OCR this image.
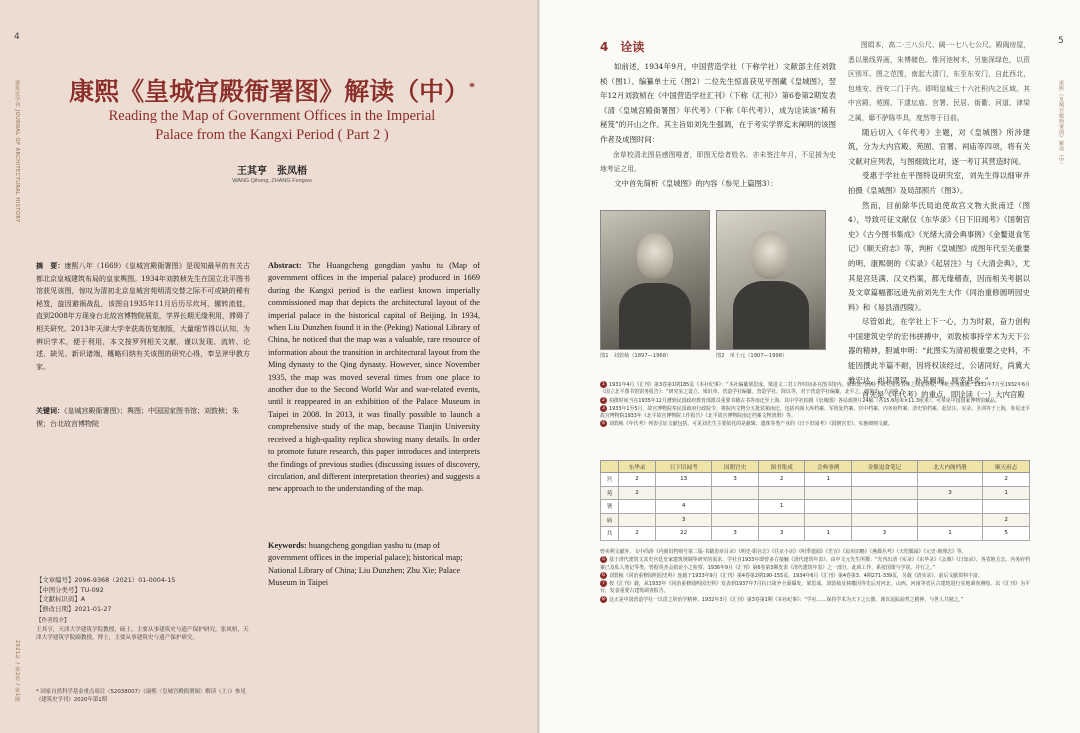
4
建筑史学刊 JOURNAL OF ARCHITECTURAL HISTORY
2021年 / 第2卷 / 第1期
康熙《皇城宫殿衙署图》解读（中）*
Reading the Map of Government Offices in the Imperial
Palace from the Kangxi Period ( Part 2 )
王其亨　张凤梧
WANG Qiheng, ZHANG Fengwu
摘　要：康熙八年（1669）《皇城宫殿衙署图》是现知最早的有关古都北京皇城建筑布局的皇家舆图。1934年刘敦桢先生在国立北平图书馆获见该图，惊叹为清初北京皇城宫苑明清交替之际不可或缺的稀有秘笈，旋因避祸战乱，该图自1935年11月后历尽坎坷，辗转流徙，直到2008年方现身台北故宫博物院展览，学界长期无缘利用，滞碍了相关研究。2013年天津大学幸获高仿复制版，大量细节得以认知，为辨识学术，便于利用，本文按罗列相关文献，谨以发现、流转、论述、缺见、新识诸端，概略归纳有关该图的研究心得，奉呈斧甲教方家。
关键词：《皇城宫殿衙署图》；舆图；中国国家图书馆；刘敦桢；朱偰；台北故宫博物院
Abstract: The Huangcheng gongdian yashu tu (Map of government offices in the imperial palace) produced in 1669 during the Kangxi period is the earliest known imperially commissioned map that depicts the architectural layout of the imperial palace in the historical capital of Beijing. In 1934, when Liu Dunzhen found it in the (Peking) National Library of China, he noticed that the map was a valuable, rare resource of information about the transition in architectural layout from the Ming dynasty to the Qing dynasty. However, since November 1935, the map was moved several times from one place to another due to the Second World War and war-related events, until it reappeared in an exhibition of the Palace Museum in Taipei in 2008. In 2013, it was finally possible to launch a comprehensive study of the map, because Tianjin University received a high-quality replica showing many details. In order to promote future research, this paper introduces and interprets the findings of previous studies (discussing issues of discovery, circulation, and different interpretation theories) and suggests a new approach to the understanding of the map.
Keywords: huangcheng gongdian yashu tu (map of government offices in the imperial palace); historical map; National Library of China; Liu Dunzhen; Zhu Xie; Palace Museum in Taipei

【文章编号】2096-9368（2021）01-0004-15

【中图分类号】TU-092

【文献标识码】A

【修改日期】2021-01-27

【作者简介】
王其亨，天津大学建筑学院教授，硕士，主要从事建筑史与遗产保护研究。张凤梧，天津大学建筑学院副教授，博士，主要从事建筑史与遗产保护研究。
* 国家自然科学基金重点项目（52038007）《康熙〈皇城宫殿衙署图〉解读（上）》参见《建筑史学刊》2020年第1期
5
康熙《皇城宫殿衙署图》解读（中）
4　诠读

如前述，1934年9月，中国营造学社（下称学社）文献部主任刘敦桢（图1）、编纂单士元（图2）二位先生惊喜获见平图藏《皇城图》，翌年12月刘敦桢在《中国营造学社汇刊》（下称《汇刊》）第6卷第2期发表《清〈皇城宫殿衙署图〉年代考》（下称《年代考》），成为诠读该“稀有秘笈”的开山之作。其主旨如刘先生强调，在于考实学界迄未阐明的该图作者及成图时间：

余草校清北图县感图唯者，即图无绘者姓名、亦未签注年月，不足援为史地考证之用。

文中首先简析《皇城图》的内容（参见上篇图3）：

图绢本，高二·三八公尺、阔一·七八七公尺。殿阁房屋，悉以墨线界画，朱傅赭色。惟河池树木，另施深绿色，以资区别耳。图之范围，南起大清门，东至东安门，自此西北，包地安、西安二门于内。即明皇城三十六社积内之区域。其中宫殿、苑囿、下逮坛庙、官署、民居、街衢、河道、津梁之属，靡不胪陈毕具，度然等于目前。

随后切入《年代考》主题，对《皇城图》所涉建筑，分为大内宫殿、苑囿、官署、祠庙等四项，将有关文献对应列表，与图细致比对，逐一考订其营造时间。

受惠于学社在平图特设研究室，刘先生得以细审并拍摄《皇城图》及局部照片（图3）。

然而，目前除华氏局迫使故宫文物大批南迁（图4），导致可征文献仅《东华录》《日下旧闻考》《国朝宫史》《古今图书集成》《光绪大清会典事例》《金鳌退食笔记》《顺天府志》等，判析《皇城图》成图年代至关重要的明、康熙朝的《实录》《起居注》与《大清会典》，尤其是宫廷满、汉文档案，都无缘稽查，因而相关考据以及文章篇幅都远逊先前刘先生大作《同治重修圆明园史料》和《易县清西陵》。

尽管如此，在学社上下一心，力为时艰，奋力创构中国建筑史学的宏伟拼搏中，刘敦桢事持学术为天下公器的精神，胆诚申明：“此图实为清初极重要之史料，不能因撰此半篇不耐，因将权读经过，公诸同好，尚冀大雅宏达，纠其谬误，补其阙漏，则幸甚矣。”

首先是《年代考》的重点，即诠读（一）大内宫殿

图1　刘敦桢（1897—1968）	图2　单士元（1907—1998）

1 1931年4月《汇刊》第3卷第1期185页《本社纪事》：“本社编纂梁思成、梁进文二君工作时间多在图书馆内。梁识其当局特予研究室及书库之阅览特权，本社至为感激。”1931年7月至1932年6月《国立北平图书馆馆务报告》：“研究室之设立，梁识单，营造学社编纂，营造学社，简以等，对于营造学社编纂，北平之，建筑史，方志等。”

2 拍摄时间当在1935年12月遭到民国政府教育部派员重要书籍古书等南迁至上海，其中学社拍摄《皇城图》各局部照片24幅（各15.6厘米×11.3厘米），可参见中国国家博物馆藏品。

3 1933年1至5月，故宫博物院奉民国政府行政院令，将院内文物分五批装箱南迁，包括内阁大库档案、军机处档案、宫中档案、内务府档案、清史馆档案、起居注、实录、圣训等于上海。参见北平故宫博物院1933年《北平故宫博物院工作报告》《北平故宫博物院南迁档案文物清册》等。

4 刘敦桢《年代考》列表引证文献包括，可见刘先生主要依托的是献辑、遗珠等类产业的《日下旧闻考》《国朝宫史》、实施细则文献。

	东华录	日下旧闻考	国朝宫史	图书集成	会典事例	金鳌退食笔记	北大内阁档册	顺天府志
宫	2	13	3	2	1			2
苑	2						3	1
署		4		1				
庙		3						2
共	2	22	3	3	1	3	1	5

曾卖利文献外，文中尚涉《内阁旧档则号第二版·书籍表章目录》《明史·职官志》《往京小识》《明季遗闻》《光宣》《宸垣识略》《燕都丛考》《天咫偶闻》《元史·地理志》等。

5 基于清代建筑文其史宫廷皇家建筑规制等研究的需求，学社自1933年即曾多方接触《清代建筑年表》，由中文元先生所撰：“先刊出清《实录》《东华录》《会典》《日知录》、各省地方志、内务府档案已及私人笔记等类，曾据英杰会拟论小之检察，1936年9月《汇刊》第6卷第3期发表《清代建筑年表》之一部分。此项工作，系按国策与学说，并行之。”

6 刘敦桢《同治重修圆明园史料》连载于1933年9月《汇刊》第4卷第2期190-155页，1934年6月《汇刊》第4卷第3、4期271-339页，另载《清实录》，前后文献资料丰富。

7 按《汇刊》载，从1933年《同治重修圆明园史料》发表到1937年7月抗日战争全面爆发，梁思成、刘敦桢及林徽因等先后对河北、山西、河南等省区古建筑进行实地调查测绘，以《汇刊》为平台，发表重要古建筑调查报告。

8 这正是中国营造学社一以贯之的治学精神。1932年3月《汇刊》第3卷第1期《本社纪事》：“学社……保持学术为天下之公器，谨以追踪前哲之精神，与世人共勉之。”
